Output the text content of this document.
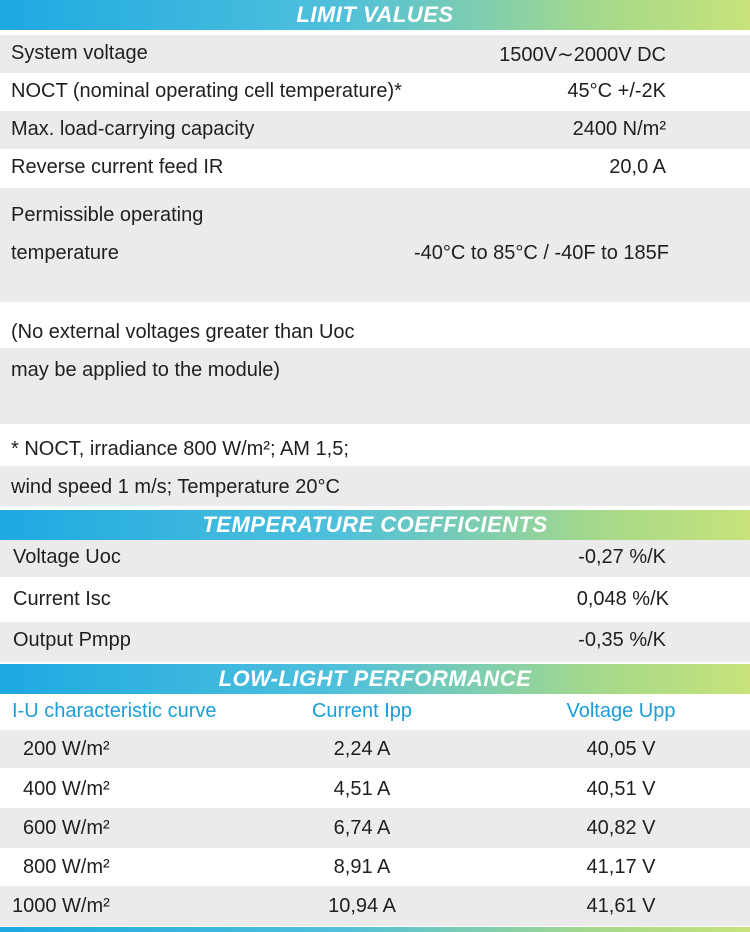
LIMIT VALUES
System voltage	1500V∼2000V DC
NOCT (nominal operating cell temperature)*	45°C +/-2K
Max. load-carrying capacity	2400 N/m²
Reverse current feed IR	20,0 A
Permissible operating
temperature	-40°C to 85°C / -40F to 185F
(No external voltages greater than Uoc
may be applied to the module)
* NOCT, irradiance 800 W/m²; AM 1,5;
wind speed 1 m/s; Temperature 20°C
TEMPERATURE COEFFICIENTS
Voltage Uoc	-0,27 %/K
Current Isc	0,048 %/K
Output Pmpp	-0,35 %/K
LOW-LIGHT PERFORMANCE
I-U characteristic curve	Current Ipp	Voltage Upp
200 W/m²	2,24 A	40,05 V
400 W/m²	4,51 A	40,51 V
600 W/m²	6,74 A	40,82 V
800 W/m²	8,91 A	41,17 V
1000 W/m²	10,94 A	41,61 V
